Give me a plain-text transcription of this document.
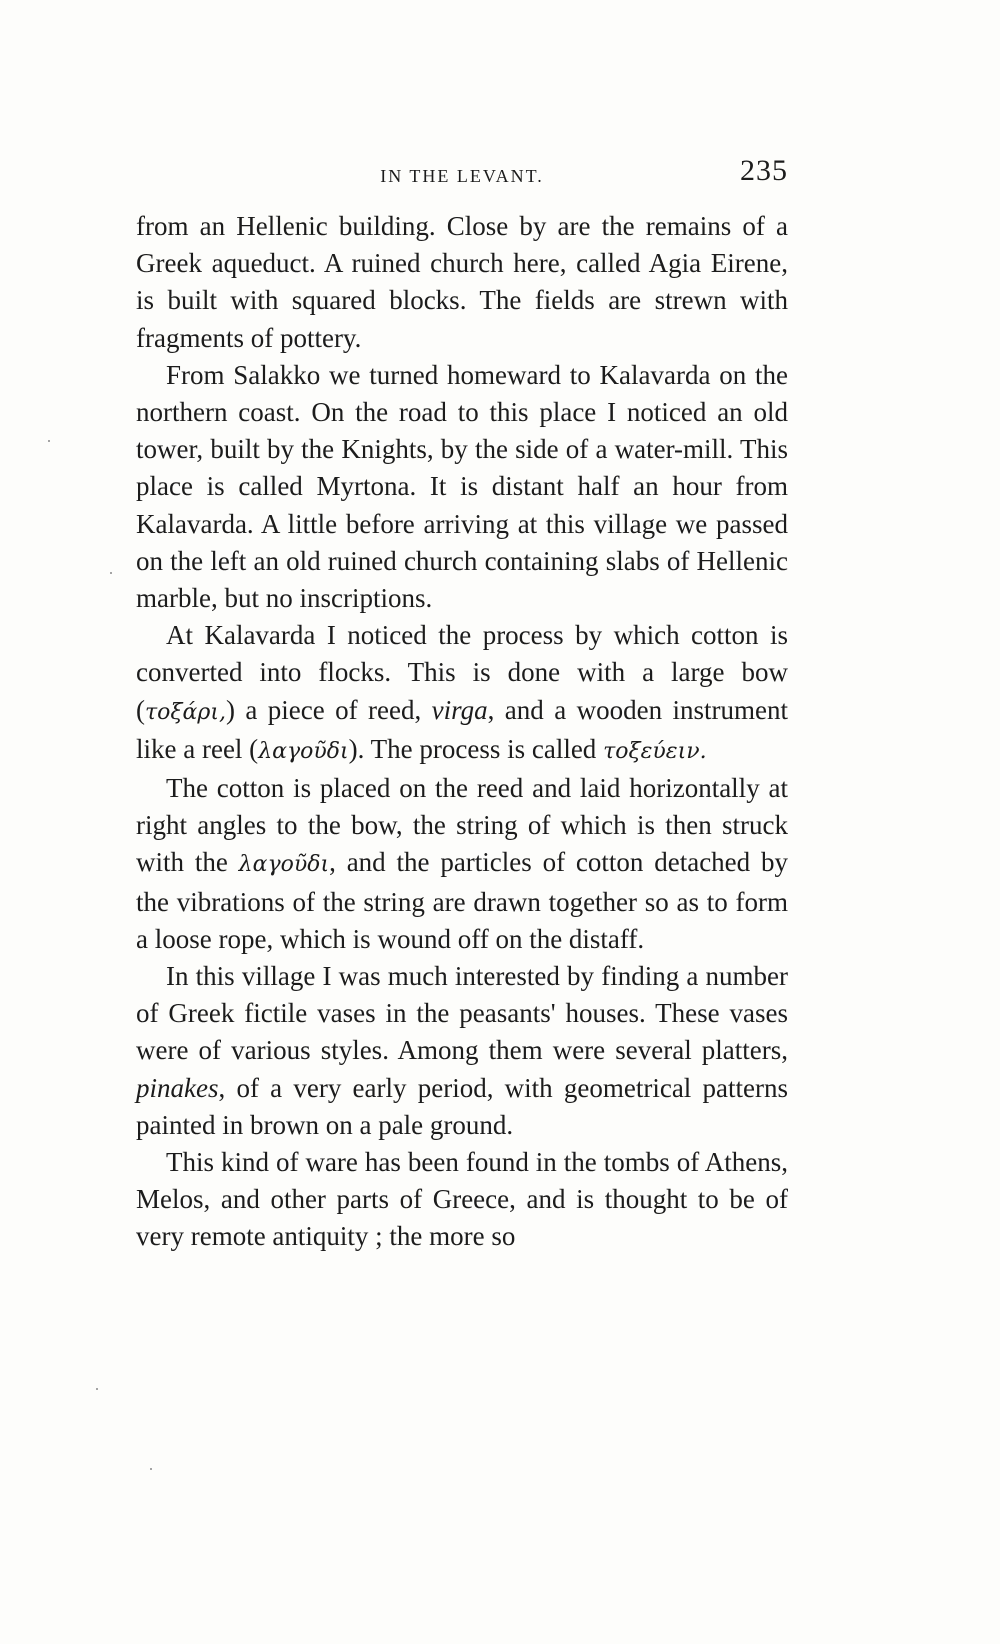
IN THE LEVANT.	235

from an Hellenic building. Close by are the remains of a Greek aqueduct. A ruined church here, called Agia Eirene, is built with squared blocks. The fields are strewn with fragments of pottery.

From Salakko we turned homeward to Kalavarda on the northern coast. On the road to this place I noticed an old tower, built by the Knights, by the side of a water-mill. This place is called Myrtona. It is distant half an hour from Kalavarda. A little before arriving at this village we passed on the left an old ruined church containing slabs of Hellenic marble, but no inscriptions.

At Kalavarda I noticed the process by which cotton is converted into flocks. This is done with a large bow (τοξάρι,) a piece of reed, virga, and a wooden instrument like a reel (λαγοῦδι). The process is called τοξεύειν.

The cotton is placed on the reed and laid horizontally at right angles to the bow, the string of which is then struck with the λαγοῦδι, and the particles of cotton detached by the vibrations of the string are drawn together so as to form a loose rope, which is wound off on the distaff.

In this village I was much interested by finding a number of Greek fictile vases in the peasants' houses. These vases were of various styles. Among them were several platters, pinakes, of a very early period, with geometrical patterns painted in brown on a pale ground.

This kind of ware has been found in the tombs of Athens, Melos, and other parts of Greece, and is thought to be of very remote antiquity ; the more so
